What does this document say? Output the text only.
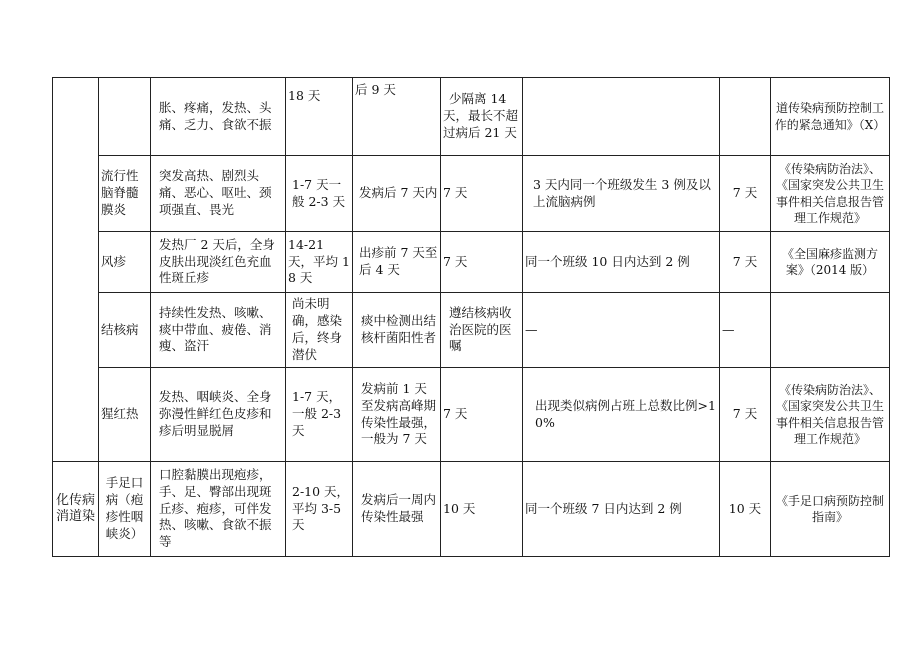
		胀、疼痛，发热、头痛、乏力、食欲不振	18 天	后 9 天	少隔离 14 天，最长不超过病后 21 天			道传染病预防控制工作的紧急通知》（X）
	流行性脑脊髓膜炎	突发高热、剧烈头痛、恶心、呕吐、颈项强直、畏光	1-7 天一般 2-3 天	发病后 7 天内	7 天	3 天内同一个班级发生 3 例及以上流脑病例	7 天	《传染病防治法》、《国家突发公共卫生事件相关信息报告管理工作规范》
	风疹	发热厂 2 天后，全身皮肤出现淡红色充血性斑丘疹	14-21 天，平均 18 天	出疹前 7 天至后 4 天	7 天	同一个班级 10 日内达到 2 例	7 天	《全国麻疹监测方案》（2014 版）
	结核病	持续性发热、咳嗽、痰中带血、疲倦、消瘦、盗汗	尚未明确，感染后，终身潜伏	痰中检测出结核杆菌阳性者	遵结核病收治医院的医嘱	—	—	
	猩红热	发热、咽峡炎、全身弥漫性鲜红色皮疹和疹后明显脱屑	1-7 天，一般 2-3 天	发病前 1 天至发病高峰期传染性最强，一般为 7 天	7 天	出现类似病例占班上总数比例>10%	7 天	《传染病防治法》、《国家突发公共卫生事件相关信息报告管理工作规范》
化传病消道染	手足口病（疱疹性咽峡炎）	口腔黏膜出现疱疹，手、足、臀部出现斑丘疹、疱疹，可伴发热、咳嗽、食欲不振等	2-10 天，平均 3-5 天	发病后一周内传染性最强	10 天	同一个班级 7 日内达到 2 例	10 天	《手足口病预防控制指南》
